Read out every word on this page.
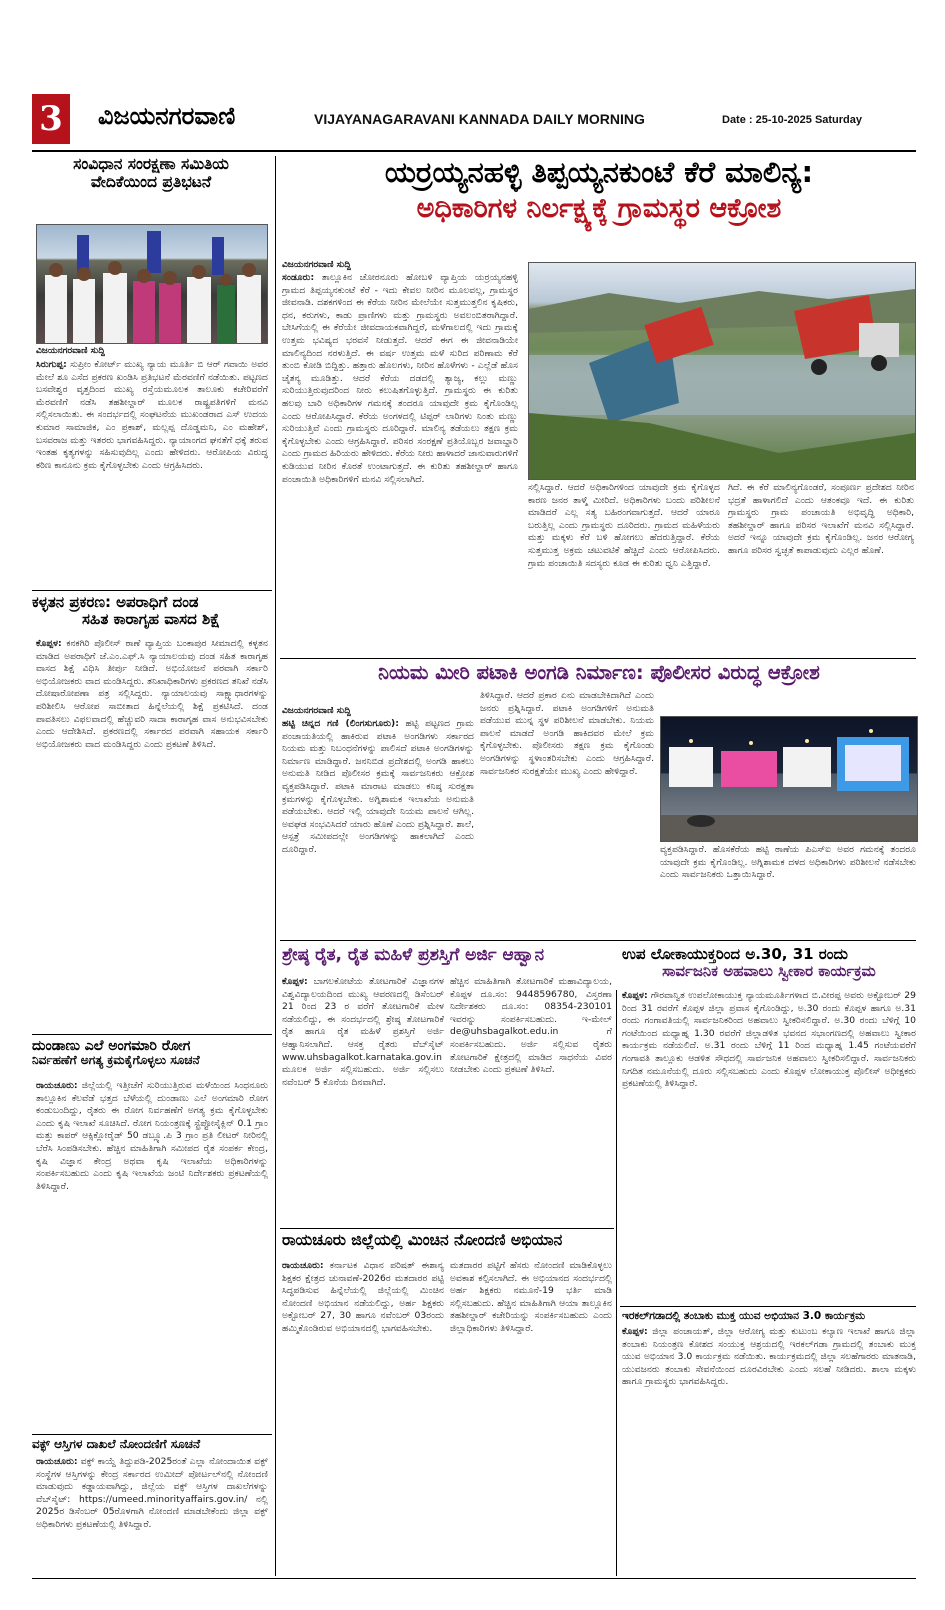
3 ವಿಜಯನಗರವಾಣಿ	VIJAYANAGARAVANI KANNADA DAILY MORNING	Date : 25-10-2025 Saturday
ಸಂವಿಧಾನ ಸಂರಕ್ಷಣಾ ಸಮಿತಿಯ
ವೇದಿಕೆಯಿಂದ ಪ್ರತಿಭಟನೆ
ವಿಜಯನಗರವಾಣಿ ಸುದ್ದಿ
ಸಿರುಗುಪ್ಪ: ಸುಪ್ರೀಂ ಕೋರ್ಟ್ ಮುಖ್ಯ ನ್ಯಾಯ ಮೂರ್ತಿ ಬಿ ಆರ್ ಗವಾಯಿ ಅವರ ಮೇಲೆ ಶೂ ಎಸೆದ ಪ್ರಕರಣ ಖಂಡಿಸಿ ಪ್ರತಿಭಟನೆ ಮೆರವಣಿಗೆ ನಡೆಯಿತು. ಪಟ್ಟಣದ ಬಸವೇಶ್ವರ ವೃತ್ತದಿಂದ ಮುಖ್ಯ ರಸ್ತೆಯಮೂಲಕ ತಾಲೂಕು ಕಚೇರಿವರೆಗೆ ಮೆರವಣಿಗೆ ನಡೆಸಿ ತಹಶೀಲ್ದಾರ್ ಮೂಲಕ ರಾಷ್ಟ್ರಪತಿಗಳಿಗೆ ಮನವಿ ಸಲ್ಲಿಸಲಾಯಿತು. ಈ ಸಂದರ್ಭದಲ್ಲಿ ಸಂಘಟನೆಯ ಮುಖಂಡರಾದ ಎಸ್ ಉದಯ ಕುಮಾರ ಸಾಮಾಜಿಕ, ಎಂ ಪ್ರಕಾಶ್, ಮಲ್ಲಪ್ಪ ದೊಡ್ಡಮನಿ, ಎಂ ಮಹೇಶ್, ಬಸವರಾಜ ಮತ್ತು ಇತರರು ಭಾಗವಹಿಸಿದ್ದರು. ನ್ಯಾಯಾಂಗದ ಘನತೆಗೆ ಧಕ್ಕೆ ತರುವ ಇಂತಹ ಕೃತ್ಯಗಳನ್ನು ಸಹಿಸುವುದಿಲ್ಲ ಎಂದು ಹೇಳಿದರು. ಆರೋಪಿಯ ವಿರುದ್ಧ ಕಠಿಣ ಕಾನೂನು ಕ್ರಮ ಕೈಗೊಳ್ಳಬೇಕು ಎಂದು ಆಗ್ರಹಿಸಿದರು.
ಕಳ್ಳತನ ಪ್ರಕರಣ: ಅಪರಾಧಿಗೆ ದಂಡ
ಸಹಿತ ಕಾರಾಗೃಹ ವಾಸದ ಶಿಕ್ಷೆ
ಕೊಪ್ಪಳ: ಕನಕಗಿರಿ ಪೊಲೀಸ್ ಠಾಣೆ ವ್ಯಾಪ್ತಿಯ ಬಂಕಾಪುರ ಸೀಮಾದಲ್ಲಿ ಕಳ್ಳತನ ಮಾಡಿದ ಅಪರಾಧಿಗೆ ಜೆ.ಎಂ.ಎಫ್.ಸಿ ನ್ಯಾಯಾಲಯವು ದಂಡ ಸಹಿತ ಕಾರಾಗೃಹ ವಾಸದ ಶಿಕ್ಷೆ ವಿಧಿಸಿ ತೀರ್ಪು ನೀಡಿದೆ. ಅಭಿಯೋಜನೆ ಪರವಾಗಿ ಸರ್ಕಾರಿ ಅಭಿಯೋಜಕರು ವಾದ ಮಂಡಿಸಿದ್ದರು. ತನಿಖಾಧಿಕಾರಿಗಳು ಪ್ರಕರಣದ ತನಿಖೆ ನಡೆಸಿ ದೋಷಾರೋಪಣಾ ಪತ್ರ ಸಲ್ಲಿಸಿದ್ದರು. ನ್ಯಾಯಾಲಯವು ಸಾಕ್ಷ್ಯಾಧಾರಗಳನ್ನು ಪರಿಶೀಲಿಸಿ ಆರೋಪ ಸಾಬೀತಾದ ಹಿನ್ನೆಲೆಯಲ್ಲಿ ಶಿಕ್ಷೆ ಪ್ರಕಟಿಸಿದೆ. ದಂಡ ಪಾವತಿಸಲು ವಿಫಲವಾದಲ್ಲಿ ಹೆಚ್ಚುವರಿ ಸಾದಾ ಕಾರಾಗೃಹ ವಾಸ ಅನುಭವಿಸಬೇಕು ಎಂದು ಆದೇಶಿಸಿದೆ. ಪ್ರಕರಣದಲ್ಲಿ ಸರ್ಕಾರದ ಪರವಾಗಿ ಸಹಾಯಕ ಸರ್ಕಾರಿ ಅಭಿಯೋಜಕರು ವಾದ ಮಂಡಿಸಿದ್ದರು ಎಂದು ಪ್ರಕಟಣೆ ತಿಳಿಸಿದೆ.
ದುಂಡಾಣು ಎಲೆ ಅಂಗಮಾರಿ ರೋಗ
ನಿರ್ವಹಣೆಗೆ ಅಗತ್ಯ ಕ್ರಮಕೈಗೊಳ್ಳಲು ಸೂಚನೆ
ರಾಯಚೂರು: ಜಿಲ್ಲೆಯಲ್ಲಿ ಇತ್ತೀಚೆಗೆ ಸುರಿಯುತ್ತಿರುವ ಮಳೆಯಿಂದ ಸಿಂಧನೂರು ತಾಲ್ಲೂಕಿನ ಕೆಲವೆಡೆ ಭತ್ತದ ಬೆಳೆಯಲ್ಲಿ ದುಂಡಾಣು ಎಲೆ ಅಂಗಮಾರಿ ರೋಗ ಕಂಡುಬಂದಿದ್ದು, ರೈತರು ಈ ರೋಗ ನಿರ್ವಹಣೆಗೆ ಅಗತ್ಯ ಕ್ರಮ ಕೈಗೊಳ್ಳಬೇಕು ಎಂದು ಕೃಷಿ ಇಲಾಖೆ ಸೂಚಿಸಿದೆ. ರೋಗ ನಿಯಂತ್ರಣಕ್ಕೆ ಸ್ಟ್ರೆಪ್ಟೋಸೈಕ್ಲಿನ್ 0.1 ಗ್ರಾಂ ಮತ್ತು ಕಾಪರ್ ಆಕ್ಸಿಕ್ಲೋರೈಡ್ 50 ಡಬ್ಲ್ಯೂ.ಪಿ 3 ಗ್ರಾಂ ಪ್ರತಿ ಲೀಟರ್ ನೀರಿನಲ್ಲಿ ಬೆರೆಸಿ ಸಿಂಪಡಿಸಬೇಕು. ಹೆಚ್ಚಿನ ಮಾಹಿತಿಗಾಗಿ ಸಮೀಪದ ರೈತ ಸಂಪರ್ಕ ಕೇಂದ್ರ, ಕೃಷಿ ವಿಜ್ಞಾನ ಕೇಂದ್ರ ಅಥವಾ ಕೃಷಿ ಇಲಾಖೆಯ ಅಧಿಕಾರಿಗಳನ್ನು ಸಂಪರ್ಕಿಸಬಹುದು ಎಂದು ಕೃಷಿ ಇಲಾಖೆಯ ಜಂಟಿ ನಿರ್ದೇಶಕರು ಪ್ರಕಟಣೆಯಲ್ಲಿ ತಿಳಿಸಿದ್ದಾರೆ.
ವಕ್ಫ್ ಆಸ್ತಿಗಳ ದಾಖಲೆ ನೋಂದಣಿಗೆ ಸೂಚನೆ
ರಾಯಚೂರು: ವಕ್ಫ್ ಕಾಯ್ದೆ ತಿದ್ದುಪಡಿ-2025ರಂತೆ ಎಲ್ಲಾ ನೋಂದಾಯಿತ ವಕ್ಫ್ ಸಂಸ್ಥೆಗಳ ಆಸ್ತಿಗಳನ್ನು ಕೇಂದ್ರ ಸರ್ಕಾರದ ಉಮೀದ್ ಪೋರ್ಟಲ್‌ನಲ್ಲಿ ನೋಂದಣಿ ಮಾಡುವುದು ಕಡ್ಡಾಯವಾಗಿದ್ದು, ಜಿಲ್ಲೆಯ ವಕ್ಫ್ ಆಸ್ತಿಗಳ ದಾಖಲೆಗಳನ್ನು ವೆಬ್‌ಸೈಟ್: https://umeed.minorityaffairs.gov.in/ ನಲ್ಲಿ 2025ರ ಡಿಸೆಂಬರ್ 05ರೊಳಗಾಗಿ ನೋಂದಣಿ ಮಾಡಬೇಕೆಂದು ಜಿಲ್ಲಾ ವಕ್ಫ್ ಅಧಿಕಾರಿಗಳು ಪ್ರಕಟಣೆಯಲ್ಲಿ ತಿಳಿಸಿದ್ದಾರೆ.
ಯರ್ರಯ್ಯನಹಳ್ಳಿ ತಿಪ್ಪಯ್ಯನಕುಂಟೆ ಕೆರೆ ಮಾಲಿನ್ಯ:
ಅಧಿಕಾರಿಗಳ ನಿರ್ಲಕ್ಷ್ಯಕ್ಕೆ ಗ್ರಾಮಸ್ಥರ ಆಕ್ರೋಶ
ವಿಜಯನಗರವಾಣಿ ಸುದ್ದಿ
ಸಂಡೂರು: ತಾಲ್ಲೂಕಿನ ಚೋರನೂರು ಹೋಬಳಿ ವ್ಯಾಪ್ತಿಯ ಯರ್ರಯ್ಯನಹಳ್ಳಿ ಗ್ರಾಮದ ತಿಪ್ಪಯ್ಯನಕುಂಟೆ ಕೆರೆ - ಇದು ಕೇವಲ ನೀರಿನ ಮೂಲವಲ್ಲ, ಗ್ರಾಮಸ್ಥರ ಜೀವನಾಡಿ. ದಶಕಗಳಿಂದ ಈ ಕೆರೆಯ ನೀರಿನ ಮೇಲೆಯೇ ಸುತ್ತಮುತ್ತಲಿನ ಕೃಷಿಕರು, ಧನ, ಕರುಗಳು, ಕಾಡು ಪ್ರಾಣಿಗಳು ಮತ್ತು ಗ್ರಾಮಸ್ಥರು ಅವಲಂಬಿತರಾಗಿದ್ದಾರೆ. ಬೇಸಿಗೆಯಲ್ಲಿ ಈ ಕೆರೆಯೇ ಜೀವದಾಯಕವಾಗಿದ್ದರೆ, ಮಳೆಗಾಲದಲ್ಲಿ ಇದು ಗ್ರಾಮಕ್ಕೆ ಉತ್ತಮ ಭವಿಷ್ಯದ ಭರವಸೆ ನೀಡುತ್ತದೆ. ಆದರೆ ಈಗ ಈ ಜೀವನಾಡಿಯೇ ಮಾಲಿನ್ಯದಿಂದ ನರಳುತ್ತಿದೆ. ಈ ವರ್ಷ ಉತ್ತಮ ಮಳೆ ಸುರಿದ ಪರಿಣಾಮ ಕೆರೆ ತುಂಬಿ ಕೋಡಿ ಬಿದ್ದಿತ್ತು. ಹತ್ತಾರು ಹೊಲಗಳು, ನೀರಿನ ಹೊಳೆಗಳು - ಎಲ್ಲೆಡೆ ಹೊಸ ಚೈತನ್ಯ ಮೂಡಿತ್ತು. ಆದರೆ ಕೆರೆಯ ದಡದಲ್ಲಿ ತ್ಯಾಜ್ಯ, ಕಲ್ಲು ಮಣ್ಣು ಸುರಿಯುತ್ತಿರುವುದರಿಂದ ನೀರು ಕಲುಷಿತಗೊಳ್ಳುತ್ತಿದೆ. ಗ್ರಾಮಸ್ಥರು ಈ ಕುರಿತು ಹಲವು ಬಾರಿ ಅಧಿಕಾರಿಗಳ ಗಮನಕ್ಕೆ ತಂದರೂ ಯಾವುದೇ ಕ್ರಮ ಕೈಗೊಂಡಿಲ್ಲ ಎಂದು ಆರೋಪಿಸಿದ್ದಾರೆ. ಕೆರೆಯ ಅಂಗಳದಲ್ಲಿ ಟಿಪ್ಪರ್ ಲಾರಿಗಳು ನಿಂತು ಮಣ್ಣು ಸುರಿಯುತ್ತಿವೆ ಎಂದು ಗ್ರಾಮಸ್ಥರು ದೂರಿದ್ದಾರೆ. ಮಾಲಿನ್ಯ ತಡೆಯಲು ತಕ್ಷಣ ಕ್ರಮ ಕೈಗೊಳ್ಳಬೇಕು ಎಂದು ಆಗ್ರಹಿಸಿದ್ದಾರೆ. ಪರಿಸರ ಸಂರಕ್ಷಣೆ ಪ್ರತಿಯೊಬ್ಬರ ಜವಾಬ್ದಾರಿ ಎಂದು ಗ್ರಾಮದ ಹಿರಿಯರು ಹೇಳಿದರು. ಕೆರೆಯ ನೀರು ಹಾಳಾದರೆ ಜಾನುವಾರುಗಳಿಗೆ ಕುಡಿಯುವ ನೀರಿನ ಕೊರತೆ ಉಂಟಾಗುತ್ತದೆ. ಈ ಕುರಿತು ತಹಶೀಲ್ದಾರ್ ಹಾಗೂ ಪಂಚಾಯಿತಿ ಅಧಿಕಾರಿಗಳಿಗೆ ಮನವಿ ಸಲ್ಲಿಸಲಾಗಿದೆ.
ಸಲ್ಲಿಸಿದ್ದಾರೆ. ಆದರೆ ಅಧಿಕಾರಿಗಳಿಂದ ಯಾವುದೇ ಕ್ರಮ ಕೈಗೊಳ್ಳದ ಕಾರಣ ಜನರ ತಾಳ್ಮೆ ಮೀರಿದೆ. ಅಧಿಕಾರಿಗಳು ಬಂದು ಪರಿಶೀಲನೆ ಮಾಡಿದರೆ ಎಲ್ಲ ಸತ್ಯ ಬಹಿರಂಗವಾಗುತ್ತದೆ. ಆದರೆ ಯಾರೂ ಬರುತ್ತಿಲ್ಲ ಎಂದು ಗ್ರಾಮಸ್ಥರು ದೂರಿದರು. ಗ್ರಾಮದ ಮಹಿಳೆಯರು ಮತ್ತು ಮಕ್ಕಳು ಕೆರೆ ಬಳಿ ಹೋಗಲು ಹೆದರುತ್ತಿದ್ದಾರೆ. ಕೆರೆಯ ಸುತ್ತಮುತ್ತ ಅಕ್ರಮ ಚಟುವಟಿಕೆ ಹೆಚ್ಚಿದೆ ಎಂದು ಆರೋಪಿಸಿದರು. ಗ್ರಾಮ ಪಂಚಾಯಿತಿ ಸದಸ್ಯರು ಕೂಡ ಈ ಕುರಿತು ಧ್ವನಿ ಎತ್ತಿದ್ದಾರೆ.
ಗಿದೆ. ಈ ಕೆರೆ ಮಾಲಿನ್ಯಗೊಂಡರೆ, ಸಂಪೂರ್ಣ ಪ್ರದೇಶದ ನೀರಿನ ಭದ್ರತೆ ಹಾಳಾಗಲಿದೆ ಎಂದು ಆತಂಕವೂ ಇದೆ. ಈ ಕುರಿತು ಗ್ರಾಮಸ್ಥರು ಗ್ರಾಮ ಪಂಚಾಯತಿ ಅಭಿವೃದ್ಧಿ ಅಧಿಕಾರಿ, ತಹಶೀಲ್ದಾರ್ ಹಾಗೂ ಪರಿಸರ ಇಲಾಖೆಗೆ ಮನವಿ ಸಲ್ಲಿಸಿದ್ದಾರೆ. ಅದರೆ ಇನ್ನೂ ಯಾವುದೇ ಕ್ರಮ ಕೈಗೊಂಡಿಲ್ಲ. ಜನರ ಆರೋಗ್ಯ ಹಾಗೂ ಪರಿಸರ ಸ್ವಚ್ಛತೆ ಕಾಪಾಡುವುದು ಎಲ್ಲರ ಹೊಣೆ.
ನಿಯಮ ಮೀರಿ ಪಟಾಕಿ ಅಂಗಡಿ ನಿರ್ಮಾಣ: ಪೊಲೀಸರ ವಿರುದ್ಧ ಆಕ್ರೋಶ
ವಿಜಯನಗರವಾಣಿ ಸುದ್ದಿ
ಹಟ್ಟಿ ಚಿನ್ನದ ಗಣಿ (ಲಿಂಗಸುಗೂರು): ಹಟ್ಟಿ ಪಟ್ಟಣದ ಗ್ರಾಮ ಪಂಚಾಯತಿಯಲ್ಲಿ ಹಾಕಿರುವ ಪಟಾಕಿ ಅಂಗಡಿಗಳು ಸರ್ಕಾರದ ನಿಯಮ ಮತ್ತು ನಿಬಂಧನೆಗಳನ್ನು ಪಾಲಿಸದೆ ಪಟಾಕಿ ಅಂಗಡಿಗಳನ್ನು ನಿರ್ಮಾಣ ಮಾಡಿದ್ದಾರೆ. ಜನನಿಬಿಡ ಪ್ರದೇಶದಲ್ಲಿ ಅಂಗಡಿ ಹಾಕಲು ಅನುಮತಿ ನೀಡಿದ ಪೊಲೀಸರ ಕ್ರಮಕ್ಕೆ ಸಾರ್ವಜನಿಕರು ಆಕ್ರೋಶ ವ್ಯಕ್ತಪಡಿಸಿದ್ದಾರೆ. ಪಟಾಕಿ ಮಾರಾಟ ಮಾಡಲು ಕನಿಷ್ಠ ಸುರಕ್ಷತಾ ಕ್ರಮಗಳನ್ನು ಕೈಗೊಳ್ಳಬೇಕು. ಅಗ್ನಿಶಾಮಕ ಇಲಾಖೆಯ ಅನುಮತಿ ಪಡೆಯಬೇಕು. ಆದರೆ ಇಲ್ಲಿ ಯಾವುದೇ ನಿಯಮ ಪಾಲನೆ ಆಗಿಲ್ಲ. ಅವಘಡ ಸಂಭವಿಸಿದರೆ ಯಾರು ಹೊಣೆ ಎಂದು ಪ್ರಶ್ನಿಸಿದ್ದಾರೆ. ಶಾಲೆ, ಆಸ್ಪತ್ರೆ ಸಮೀಪದಲ್ಲೇ ಅಂಗಡಿಗಳನ್ನು ಹಾಕಲಾಗಿದೆ ಎಂದು ದೂರಿದ್ದಾರೆ.
ತಿಳಿಸಿದ್ದಾರೆ. ಆದರೆ ಪ್ರಕಾರ ಏನು ಮಾಡಬೇಕಿದಾಗಿದೆ ಎಂದು ಜನರು ಪ್ರಶ್ನಿಸಿದ್ದಾರೆ. ಪಟಾಕಿ ಅಂಗಡಿಗಳಿಗೆ ಅನುಮತಿ ಪಡೆಯುವ ಮುನ್ನ ಸ್ಥಳ ಪರಿಶೀಲನೆ ಮಾಡಬೇಕು. ನಿಯಮ ಪಾಲನೆ ಮಾಡದೆ ಅಂಗಡಿ ಹಾಕಿದವರ ಮೇಲೆ ಕ್ರಮ ಕೈಗೊಳ್ಳಬೇಕು. ಪೊಲೀಸರು ತಕ್ಷಣ ಕ್ರಮ ಕೈಗೊಂಡು ಅಂಗಡಿಗಳನ್ನು ಸ್ಥಳಾಂತರಿಸಬೇಕು ಎಂದು ಆಗ್ರಹಿಸಿದ್ದಾರೆ. ಸಾರ್ವಜನಿಕರ ಸುರಕ್ಷತೆಯೇ ಮುಖ್ಯ ಎಂದು ಹೇಳಿದ್ದಾರೆ.
ವ್ಯಕ್ತಪಡಿಸಿದ್ದಾರೆ. ಹೊಸಕೆರೆಯ ಹಟ್ಟಿ ಠಾಣೆಯ ಪಿಎಸ್‌ಐ ಅವರ ಗಮನಕ್ಕೆ ತಂದರೂ ಯಾವುದೇ ಕ್ರಮ ಕೈಗೊಂಡಿಲ್ಲ. ಅಗ್ನಿಶಾಮಕ ದಳದ ಅಧಿಕಾರಿಗಳು ಪರಿಶೀಲನೆ ನಡೆಸಬೇಕು ಎಂದು ಸಾರ್ವಜನಿಕರು ಒತ್ತಾಯಿಸಿದ್ದಾರೆ.
ಶ್ರೇಷ್ಠ ರೈತ, ರೈತ ಮಹಿಳೆ ಪ್ರಶಸ್ತಿಗೆ ಅರ್ಜಿ ಆಹ್ವಾನ
ಕೊಪ್ಪಳ: ಬಾಗಲಕೋಟೆಯ ತೋಟಗಾರಿಕೆ ವಿಜ್ಞಾನಗಳ ವಿಶ್ವವಿದ್ಯಾಲಯದಿಂದ ಮುಖ್ಯ ಆವರಣದಲ್ಲಿ ಡಿಸೆಂಬರ್ 21 ರಿಂದ 23 ರ ವರೆಗೆ ತೋಟಗಾರಿಕೆ ಮೇಳ ನಡೆಯಲಿದ್ದು, ಈ ಸಂದರ್ಭದಲ್ಲಿ ಶ್ರೇಷ್ಠ ತೋಟಗಾರಿಕೆ ರೈತ ಹಾಗೂ ರೈತ ಮಹಿಳೆ ಪ್ರಶಸ್ತಿಗೆ ಅರ್ಜಿ ಆಹ್ವಾನಿಸಲಾಗಿದೆ. ಆಸಕ್ತ ರೈತರು ವೆಬ್‌ಸೈಟ್ www.uhsbagalkot.karnataka.gov.in ಮೂಲಕ ಅರ್ಜಿ ಸಲ್ಲಿಸಬಹುದು. ಅರ್ಜಿ ಸಲ್ಲಿಸಲು ನವೆಂಬರ್ 5 ಕೊನೆಯ ದಿನವಾಗಿದೆ.
ಹೆಚ್ಚಿನ ಮಾಹಿತಿಗಾಗಿ ತೋಟಗಾರಿಕೆ ಮಹಾವಿದ್ಯಾಲಯ, ಕೊಪ್ಪಳ ದೂ.ಸಂ: 9448596780, ವಿಸ್ತರಣಾ ನಿರ್ದೇಶಕರು ದೂ.ಸಂ: 08354-230101 ಇವರನ್ನು ಸಂಪರ್ಕಿಸಬಹುದು. ಇ-ಮೇಲ್ de@uhsbagalkot.edu.in ಗೆ ಸಂಪರ್ಕಿಸಬಹುದು. ಅರ್ಜಿ ಸಲ್ಲಿಸುವ ರೈತರು ತೋಟಗಾರಿಕೆ ಕ್ಷೇತ್ರದಲ್ಲಿ ಮಾಡಿದ ಸಾಧನೆಯ ವಿವರ ನೀಡಬೇಕು ಎಂದು ಪ್ರಕಟಣೆ ತಿಳಿಸಿದೆ.
ರಾಯಚೂರು ಜಿಲ್ಲೆಯಲ್ಲಿ ಮಿಂಚಿನ ನೋಂದಣಿ ಅಭಿಯಾನ
ರಾಯಚೂರು: ಕರ್ನಾಟಕ ವಿಧಾನ ಪರಿಷತ್ ಈಶಾನ್ಯ ಶಿಕ್ಷಕರ ಕ್ಷೇತ್ರದ ಚುನಾವಣೆ-2026ರ ಮತದಾರರ ಪಟ್ಟಿ ಸಿದ್ಧಪಡಿಸುವ ಹಿನ್ನೆಲೆಯಲ್ಲಿ ಜಿಲ್ಲೆಯಲ್ಲಿ ಮಿಂಚಿನ ನೋಂದಣಿ ಅಭಿಯಾನ ನಡೆಯಲಿದ್ದು, ಅರ್ಹ ಶಿಕ್ಷಕರು ಅಕ್ಟೋಬರ್ 27, 30 ಹಾಗೂ ನವೆಂಬರ್ 03ರಂದು ಹಮ್ಮಿಕೊಂಡಿರುವ ಅಭಿಯಾನದಲ್ಲಿ ಭಾಗವಹಿಸಬೇಕು.
ಮತದಾರರ ಪಟ್ಟಿಗೆ ಹೆಸರು ನೋಂದಣಿ ಮಾಡಿಕೊಳ್ಳಲು ಅವಕಾಶ ಕಲ್ಪಿಸಲಾಗಿದೆ. ಈ ಅಭಿಯಾನದ ಸಂದರ್ಭದಲ್ಲಿ ಅರ್ಹ ಶಿಕ್ಷಕರು ನಮೂನೆ-19 ಭರ್ತಿ ಮಾಡಿ ಸಲ್ಲಿಸಬಹುದು. ಹೆಚ್ಚಿನ ಮಾಹಿತಿಗಾಗಿ ಆಯಾ ತಾಲ್ಲೂಕಿನ ತಹಶೀಲ್ದಾರ್ ಕಚೇರಿಯನ್ನು ಸಂಪರ್ಕಿಸಬಹುದು ಎಂದು ಜಿಲ್ಲಾಧಿಕಾರಿಗಳು ತಿಳಿಸಿದ್ದಾರೆ.
ಉಪ ಲೋಕಾಯುಕ್ತರಿಂದ ಅ.30, 31 ರಂದು
ಸಾರ್ವಜನಿಕ ಅಹವಾಲು ಸ್ವೀಕಾರ ಕಾರ್ಯಕ್ರಮ
ಕೊಪ್ಪಳ: ಗೌರವಾನ್ವಿತ ಉಪಲೋಕಾಯುಕ್ತ ನ್ಯಾಯಮೂರ್ತಿಗಳಾದ ಬಿ.ವೀರಪ್ಪ ಅವರು ಅಕ್ಟೋಬರ್ 29 ರಿಂದ 31 ರವರೆಗೆ ಕೊಪ್ಪಳ ಜಿಲ್ಲಾ ಪ್ರವಾಸ ಕೈಗೊಂಡಿದ್ದು, ಅ.30 ರಂದು ಕೊಪ್ಪಳ ಹಾಗೂ ಅ.31 ರಂದು ಗಂಗಾವತಿಯಲ್ಲಿ ಸಾರ್ವಜನಿಕರಿಂದ ಅಹವಾಲು ಸ್ವೀಕರಿಸಲಿದ್ದಾರೆ. ಅ.30 ರಂದು ಬೆಳಿಗ್ಗೆ 10 ಗಂಟೆಯಿಂದ ಮಧ್ಯಾಹ್ನ 1.30 ರವರೆಗೆ ಜಿಲ್ಲಾಡಳಿತ ಭವನದ ಸಭಾಂಗಣದಲ್ಲಿ ಅಹವಾಲು ಸ್ವೀಕಾರ ಕಾರ್ಯಕ್ರಮ ನಡೆಯಲಿದೆ. ಅ.31 ರಂದು ಬೆಳಿಗ್ಗೆ 11 ರಿಂದ ಮಧ್ಯಾಹ್ನ 1.45 ಗಂಟೆಯವರೆಗೆ ಗಂಗಾವತಿ ತಾಲ್ಲೂಕು ಆಡಳಿತ ಸೌಧದಲ್ಲಿ ಸಾರ್ವಜನಿಕ ಅಹವಾಲು ಸ್ವೀಕರಿಸಲಿದ್ದಾರೆ. ಸಾರ್ವಜನಿಕರು ನಿಗದಿತ ನಮೂನೆಯಲ್ಲಿ ದೂರು ಸಲ್ಲಿಸಬಹುದು ಎಂದು ಕೊಪ್ಪಳ ಲೋಕಾಯುಕ್ತ ಪೊಲೀಸ್ ಅಧೀಕ್ಷಕರು ಪ್ರಕಟಣೆಯಲ್ಲಿ ತಿಳಿಸಿದ್ದಾರೆ.
ಇರಕಲ್‌ಗಡಾದಲ್ಲಿ ತಂಬಾಕು ಮುಕ್ತ ಯುವ ಅಭಿಯಾನ 3.0 ಕಾರ್ಯಕ್ರಮ
ಕೊಪ್ಪಳ: ಜಿಲ್ಲಾ ಪಂಚಾಯತ್, ಜಿಲ್ಲಾ ಆರೋಗ್ಯ ಮತ್ತು ಕುಟುಂಬ ಕಲ್ಯಾಣ ಇಲಾಖೆ ಹಾಗೂ ಜಿಲ್ಲಾ ತಂಬಾಕು ನಿಯಂತ್ರಣ ಕೋಶದ ಸಂಯುಕ್ತ ಆಶ್ರಯದಲ್ಲಿ ಇರಕಲ್‌ಗಡಾ ಗ್ರಾಮದಲ್ಲಿ ತಂಬಾಕು ಮುಕ್ತ ಯುವ ಅಭಿಯಾನ 3.0 ಕಾರ್ಯಕ್ರಮ ನಡೆಯಿತು. ಕಾರ್ಯಕ್ರಮದಲ್ಲಿ ಜಿಲ್ಲಾ ಸಲಹೆಗಾರರು ಮಾತನಾಡಿ, ಯುವಜನರು ತಂಬಾಕು ಸೇವನೆಯಿಂದ ದೂರವಿರಬೇಕು ಎಂದು ಸಲಹೆ ನೀಡಿದರು. ಶಾಲಾ ಮಕ್ಕಳು ಹಾಗೂ ಗ್ರಾಮಸ್ಥರು ಭಾಗವಹಿಸಿದ್ದರು.
